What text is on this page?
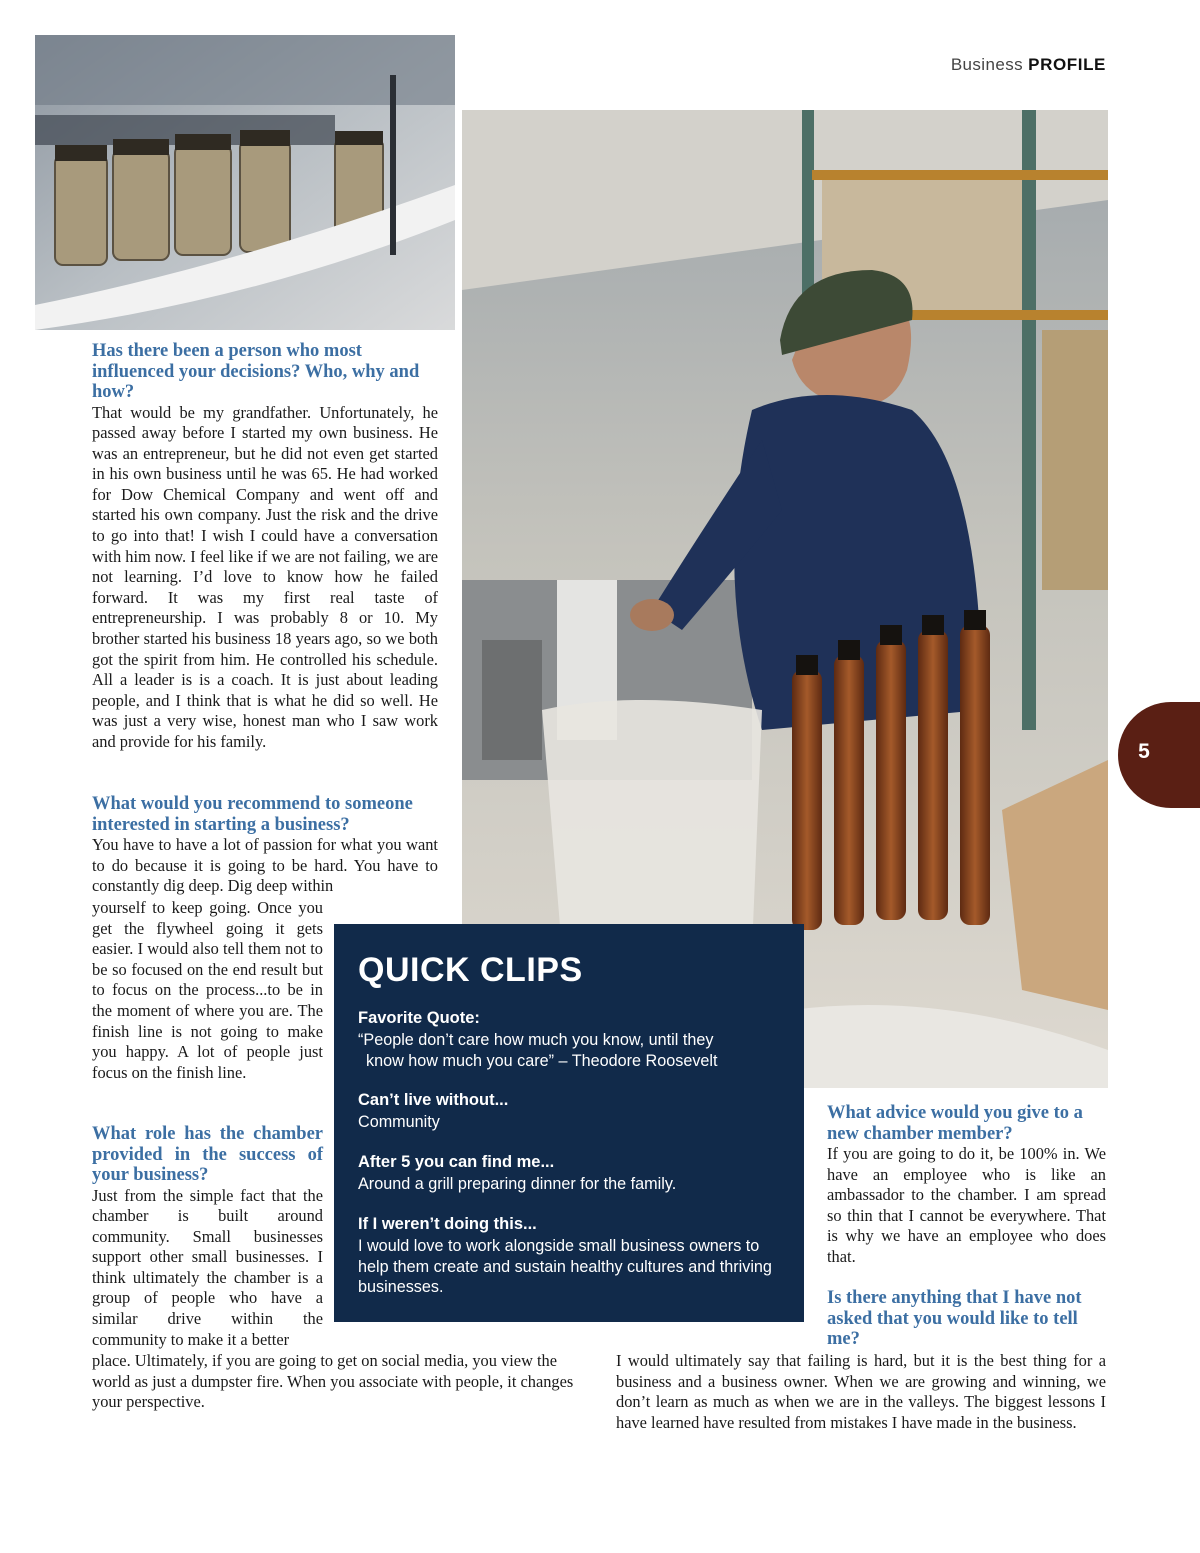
Business PROFILE

Has there been a person who most influenced your decisions? Who, why and how?

That would be my grandfather. Unfortunately, he passed away before I started my own business. He was an entrepreneur, but he did not even get started in his own business until he was 65. He had worked for Dow Chemical Company and went off and started his own company. Just the risk and the drive to go into that! I wish I could have a conversation with him now. I feel like if we are not failing, we are not learning. I’d love to know how he failed forward. It was my first real taste of entrepreneurship. I was probably 8 or 10. My brother started his business 18 years ago, so we both got the spirit from him. He controlled his schedule. All a leader is is a coach. It is just about leading people, and I think that is what he did so well. He was just a very wise, honest man who I saw work and provide for his family.

What would you recommend to someone interested in starting a business?

You have to have a lot of passion for what you want to do because it is going to be hard. You have to constantly dig deep. Dig deep within

yourself to keep going. Once you get the flywheel going it gets easier. I would also tell them not to be so focused on the end result but to focus on the process...to be in the moment of where you are. The finish line is not going to make you happy. A lot of people just focus on the finish line.

What role has the chamber provided in the success of your business?

Just from the simple fact that the chamber is built around community. Small businesses support other small businesses. I think ultimately the chamber is a group of people who have a similar drive within the community to make it a better

place. Ultimately, if you are going to get on social media, you view the world as just a dumpster fire. When you associate with people, it changes your perspective.

QUICK CLIPS
Favorite Quote:
“People don’t care how much you know, until they
know how much you care” – Theodore Roosevelt
Can’t live without...
Community
After 5 you can find me...
Around a grill preparing dinner for the family.
If I weren’t doing this...
I would love to work alongside small business owners to help them create and sustain healthy cultures and thriving businesses.

What advice would you give to a new chamber member?

If you are going to do it, be 100% in. We have an employee who is like an ambassador to the chamber. I am spread so thin that I cannot be everywhere. That is why we have an employee who does that.

Is there anything that I have not asked that you would like to tell me?

I would ultimately say that failing is hard, but it is the best thing for a business and a business owner. When we are growing and winning, we don’t learn as much as when we are in the valleys. The biggest lessons I have learned have resulted from mistakes I have made in the business.

5
